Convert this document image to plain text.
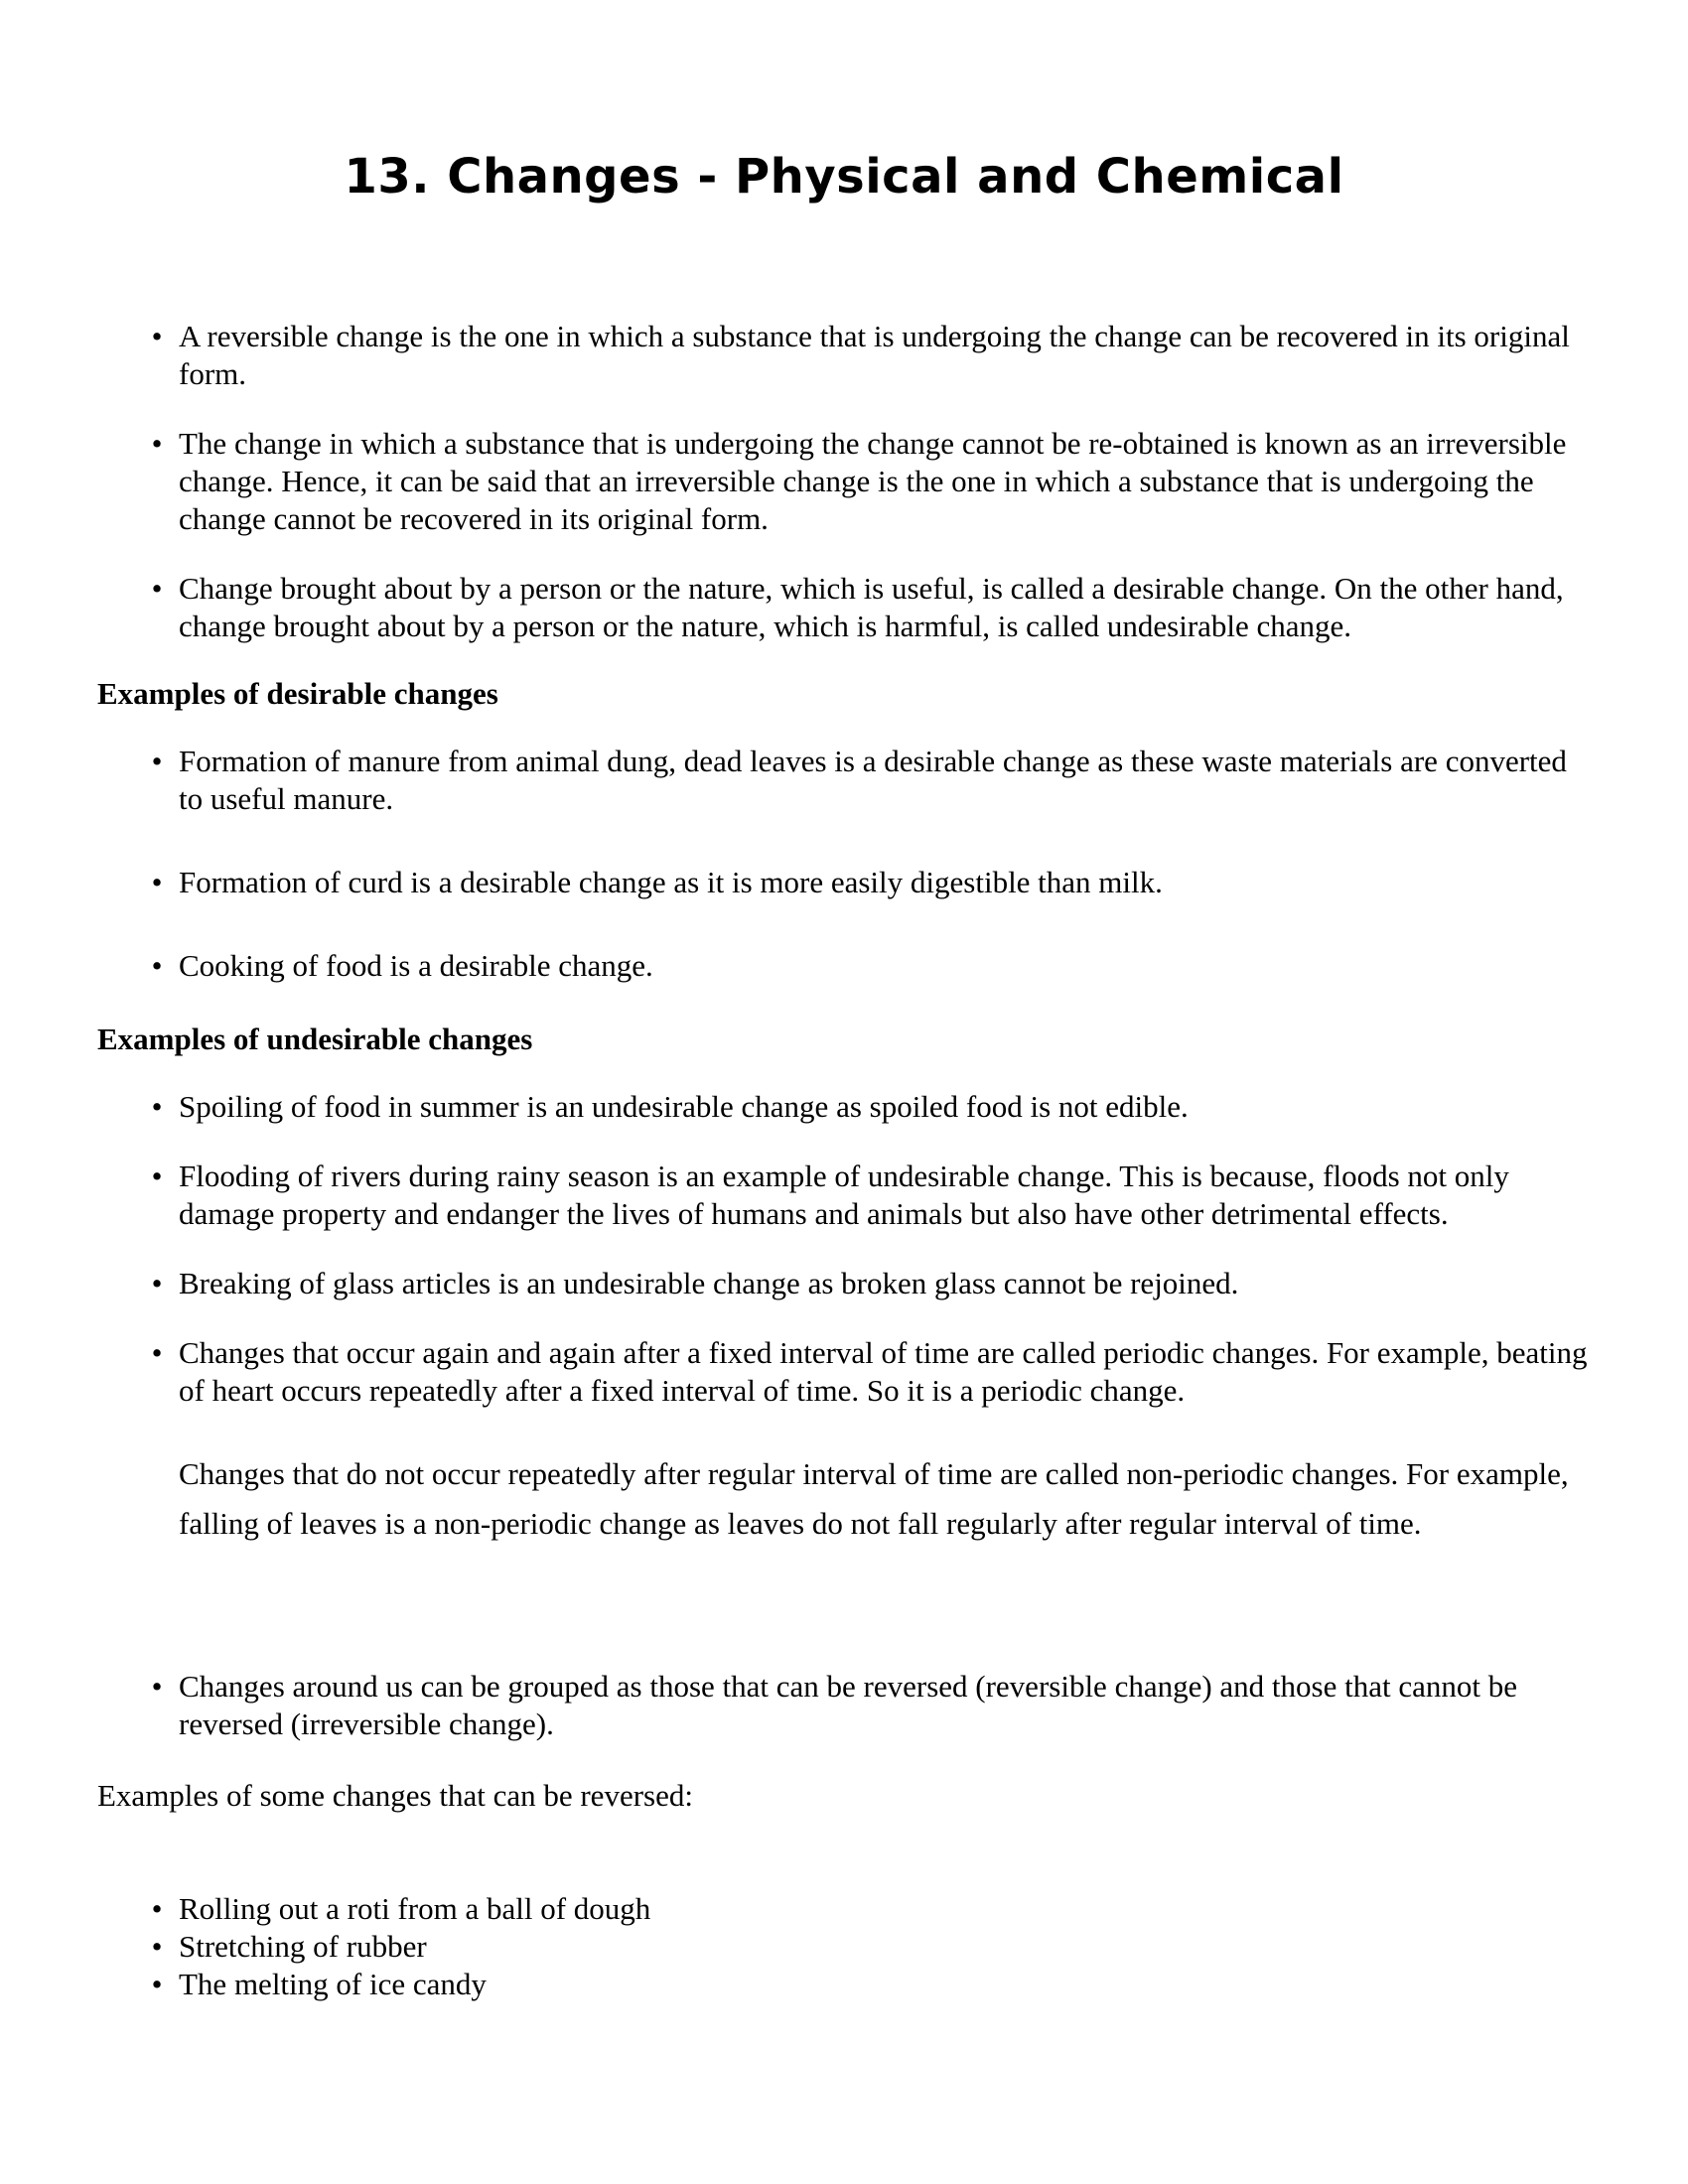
13. Changes - Physical and Chemical
• A reversible change is the one in which a substance that is undergoing the change can be recovered in its original form.
• The change in which a substance that is undergoing the change cannot be re-obtained is known as an irreversible change. Hence, it can be said that an irreversible change is the one in which a substance that is undergoing the change cannot be recovered in its original form.
• Change brought about by a person or the nature, which is useful, is called a desirable change. On the other hand, change brought about by a person or the nature, which is harmful, is called undesirable change.

Examples of desirable changes

• Formation of manure from animal dung, dead leaves is a desirable change as these waste materials are converted to useful manure.
• Formation of curd is a desirable change as it is more easily digestible than milk.
• Cooking of food is a desirable change.

Examples of undesirable changes

• Spoiling of food in summer is an undesirable change as spoiled food is not edible.
• Flooding of rivers during rainy season is an example of undesirable change. This is because, floods not only damage property and endanger the lives of humans and animals but also have other detrimental effects.
• Breaking of glass articles is an undesirable change as broken glass cannot be rejoined.
• Changes that occur again and again after a fixed interval of time are called periodic changes. For example, beating of heart occurs repeatedly after a fixed interval of time. So it is a periodic change.

Changes that do not occur repeatedly after regular interval of time are called non-periodic changes. For example, falling of leaves is a non-periodic change as leaves do not fall regularly after regular interval of time.

• Changes around us can be grouped as those that can be reversed (reversible change) and those that cannot be reversed (irreversible change).

Examples of some changes that can be reversed:

• Rolling out a roti from a ball of dough
• Stretching of rubber
• The melting of ice candy
